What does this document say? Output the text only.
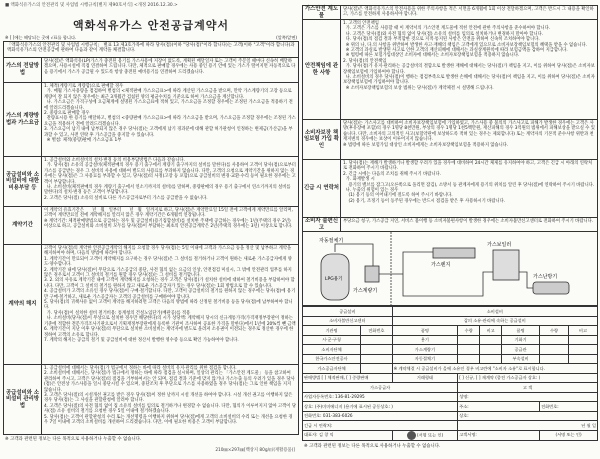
■ 액화석유가스의 안전관리 및 사업법 시행규칙[별지 제90호서식] <개정 2016.12.30.>
액화석유가스 안전공급계약서
※ [ ]에는 해당되는 곳에 √표를 합니다.	(앞쪽/앞면)
「액화석유가스의 안전관리 및 사업법 시행규칙」 별표 13 제3호가목에 따라 당사(점)(이하 "당사(점)"이라 합니다)는 고객(이하 "고객"이라 합니다)과 액화석유가스의 안전공급에 관하여 다음과 같이 계약을 체결합니다.
가스의 전달방법
당사(점)은 액화석유(LP)가스가 충전된 용기를 가스사용에 지장이 없도록, 계획된 배달일자 또는 고객이 주문일 때마다 신속히 배달하겠으며, 사용시설에 직접 연결하여 드립니다. 다만, 체적으로 판매할 경우에는 사용 중인 용기 안에 있는 가스가 떨어지면 자동적으로 다음 용기에서 가스가 공급될 수 있도록 항상 충전된 예비용기를 연결하여 드리겠습니다.
가스의 계량방법과 가스요금
1. 체적(계량기로 계량함)으로 판매할 경우
가. 매월 가스사용량을 점검하여 별첨의 <체적판매 가스요금표>에 따라 계산된 가스요금을 받으며, 만약 가스계량기의 고장 등으로 계량이 잘 되지 않은 경우에는 최근 3개월간 검침된 양의 평균수치를 기준으로 하여 가스요금을 계산합니다.
나. 가스요금은 가격구성에 요금체계에 설명된 가스요금표에 적혀 있고, 가스요금을 조정할 경우에는 조정된 가스요금을 적용하기 전에 알려드리겠습니다.
2. 중량으로 판매할 경우
잔량표시용 한 용기를 배달하고, 별첨의 <중량판매 가스요금표>에 따라 가스요금을 받으며, 가스요금을 조정할 경우에는 조정된 가스요금을 적용하기 전에 알려드리겠습니다.
3. 가스요금이 납기 내에 납부되지 않은 경우 당사(점)는 고객에게 납기 경과분에 대해 관할 허가관청이 인정하는 변제금(가산금)을 부과할 수 있고, 사전 연락 후 가스공급을 중지할 수 있습니다.
※ 별첨: 체적(중량)판매 가스요금표 1부
공급설비와 소비설비에 대한 비용부담 등
1. 공급설비와 소비설비의 설치·변경 등의 비용부담방법은 다음과 같습니다.
가. 당사(점) 소유의 공급설비(체적판매의 경우 용기 출구에서 계량기 출구까지의 설비를 말한다)를 사용하여 고객이 당사(점)으로부터 가스를 공급받는 경우 그 설비의 사용에 대하여 별도의 사용료를 부과하지 않습니다. 다만, 고객의 요청으로 계약기간을 위하지 않는 경우에는 당사(점)은 그 사용료를 부과할 수 있고, 당사(점)의 사정(고장 등 포함)으로 공급설비의 변경·교환·수리 등이 필요한 경우에는 고객이 부담합니다.
나. 소비설비(체적판매의 경우 계량기 출구에서 연소기까지의 설비)를 말하며, 중량판매의 경우 용기 출구에서 연소기까지의 설비를 말한다)의 설치·변경 등은 고객이 부담합니다.
2. 고객은 당사(점) 소유의 설비로 다른 가스공급자로부터 가스를 공급받을 수 없습니다.
계약기간
이 계약의 유효기간은      년   월   일부터      년   월   일까지로 하고, 당사(점)은 계약만료일 15일 전에 고객에게 계약만료를 알리며, 고객이 계약만료일 전에 계약해지를 알리지 않은 경우 계약기간은 6개월씩 연장됩니다.
※ 계약기간: 체적판매방법으로 공급하는 경우 및 공급설비(용기집합설비)를 설치한 주택에 공급하는 경우에는 1년(주택의 경우 2년) 이상으로 하고, 공급설비와 소비설비 모두를 당사(점)이 부담하는 최초의 안전공급계약은 2년(주택의 경우에는 3년) 이상으로 합니다.
계약의 해지
고객이 당사(점)의 계약한 안전공급계약의 해지를 요청할 경우 당사(점)는 5일 이내에 고객과 가스요금 등을 정산 및 납부하고 계약을 해지하여야 하며, 다음의 방법에 따라야 합니다.
1. 계약기간이 만료되어 고객이 계약해지를 요구하는 경우 당사(점)은 그 설비를 철거하거나 고객이 원하는 새로운 가스공급자에게 양도·양수합니다.
2. 계약기간 내에 당사(점)이 무단으로 가스공급의 중단, 사전 협의 없는 요금의 인상, 안전점검 미실시, 그 밖에 안전관리 업무를 하지 않은 경우로서 고객이 그 설비의 철거를 원할 경우 당사(점)는 그 설비를 철거합니다.
3. 2. 외의 사유로 계약기간 내에 고객이 계약해지를 요청하는 경우 고객은 당사(점)가 설치한 설비에 대하여 철거비용을 부담하여야 합니다. 다만, 고객이 그 설비의 철거를 원하지 않고 새로운 가스공급자가 있는 경우 당사(점)는 1회 방법으로 할 수 있습니다.
4. 공급설비가 고객의 소유인 경우 당사(점)이 구매·철거합니다. 다만, 고객이 공급설비의 철거를 원하지 않는 경우에는 당사(점)에 용기만 구매·철거하고, 새로운 가스공급자는 고객의 공급설비를 구매하여야 합니다.
5. 당사(점)의 귀책사유 없이 고객이 계약을 해지하려면 고객은 다음의 방법에 따라 산정된 철거비용 등을 당사(점)에 납부하여야 합니다.
가. 당사(점)이 설치한 설비 철거비용: 통계청의 건설노임단가(배관공)를 적용
나. 소비설비(당사(점)이 무상으로 설치한 경우만 해당한다)의 시가 상당액: 계약해지 당시의 신규계통가격(가격재정부장관이 정하는 기준에 적합한 전문가격조사기관으로서 기획재정부장관에게 등록한 기관이 조사하여 공표한 가격을 말한다)에서 1년에 20%씩 뺀 금액
6. 계약기간이 지난 이후 당사(점)의 무단으로 설치한 소비설비는 계약자에 별도로 올려져 소유권이 이전되는 경우로 정산한 경우에 한정하여 고객의 소유로 합니다.
7. 계약의 해지는 공급의 철거 및 공급설비에 대한 정산서 발행한 영수증 등으로 확인 가능하여야 합니다.
공급설비와 소비설비 관리방법
1. 공급설비에 대해서는 당사(점)가 법규에서 정하는 바에 따라 설비의 유지·관리를 위한 점검을 합니다.
2. 소비설비에 대해서는, 당사(점)가 법규에서 정하는 바에 따라 점검을 실시하며, 일상의 관리는 「가스안전 계도물」 등을 참고하여 관리하여 주시고, 고객은 당사(점)의 점검을 거부하여서는 안 되며, 점검 결과 기준에 맞지 않거나 가스누출 등의 우려가 있을 경우 당사(점)은 안전상 가스사용을 일시 중단시킬 수 있으며, 중단조치 후 무단으로 가스를 사용하였을 경우 당사(점)는 그로 인한 책임을 지지 않습니다.
3. 고객은 당사(점)의 시설개선 권고를 받은 경우 당사(점)이 정한 날까지 시설 개선을 하여야 합니다. 시설 개선 권고를 이행하지 않은 경우 당사(점)는 그 사실을 관할관청에 알려야 합니다.
4. 고객은 당사(점)의 사전 협의 없이 집 소유의 설비를 임의로 철거하거나 변경할 수 없습니다. 다만, 협의가 이루어지지 않아 고객이 당사(점) 소유 설비의 철거를 요청한 경우 5일 이내에 철거하겠습니다.
5. 당사(점)는 고객이 관할관청의 수리 또는 개선명령을 이행하지 위하여 당사(점)에게 고객의 소비설비의 수리 또는 개선을 요청한 경우 7일 이내에 고객의 소비설비를 개선하여 드리겠습니다. 다만, 이에 필요한 비용은 고객이 부담합니다.
※ 고객과 관련된 정보는 다른 목적으로 사용하거나 누출할 수 없습니다.
210㎜×297㎜[백상지 80g/㎡(재활용품)]
가스안전 계도물
당사(점)은 액화석유가스의 안전사용을 위한 주의사항을 적은 서면을 6개월에 1회 이상 전달하겠으며, 고객은 반드시 그 내용을 확인하고, 가스를 안전하게 사용하셔야 합니다.
안전책임에 관한 사항
1. 고객의 안전책임
가. 고객은 가스를 사용할 때 이 계약서의 가스안전 계도물에 적힌 안전에 관한 주의사항을 준수하여야 합니다.
나. 고객은 당사(점)와 사전 협의 없이 당사(점) 소유의 설비를 임의로 설치하거나 변경하지 말아야 합니다.
다. 당사(점)의 점검 결과 부적합한 것으로 지적·통지된 사항은 안전을 위하여 신속히 조치하여야 합니다.
※ 위의 나, 다.의 사항을 위반하여 발생한 사고·재해의 책임은 고객에게 있으므로 소비자보장책임보험의 혜택을 받을 수 없습니다.
※ 고객의 과실로 발생된 사고로 인한 고객의 재산피해에 대해서는 과실상계원칙에 따라 보험금액을 감하여 지급합니다.
※ 법령에 따른 보험가입대상인 소비자에 대해서는 소비자보장책임보험을 적용하지 않습니다.
2. 당사(점)의 안전책임
가. 당사(점)가 유지·관리하는 공급설비의 결함으로 발생한 재해에 대해서는 당사(점)가 책임을 지고, 이를 위하여 당사(점)은 소비자보장책임보험에 가입하여야 합니다.
나. 소비설비의 경우 당사(점)이 행하는 점검부족으로 발생한 손해에 대해서는 당사(점)이 책임을 지고, 이를 위하여 당사(점)은 소비자보장책임보험에 가입하여야 합니다.
※ 소비자보장책임보험의 보상 범위는 당사(점)가 계약체결 시 설명해 드립니다.
소비자보장 책임보험 가입 확인
당사(점)는 가스사고를 대비하여 소비자보장책임보험에 가입하였고, 가스사용 중 불의의 가스사고로 피해가 발생한 경우에는 고객은 사망(후유장애 포함)의 경우 1명당 8천만원, 부상의 경우 1명당 1천5백만원, 재산피해의 경우 3억원의 범위에서 피해보상을 받으실 수 있습니다. 다만, 소비자의 고의적인 사고(보험약관에 보상하도록 적혀 있는 경우는 제외합니다) 또는 계약자의 기본적 준수사항 위반과 천재지변의 경우에는 보상이 이루어지지 않습니다.
※ 법령에 따른 보험가입 대상인 소비자에게는 소비자보장책임보험을 적용하지 않습니다.
긴급 시 연락처
1. 당사(점)는 재해가 발생하거나 발생할 우려가 있을 경우에 대비하여 24시간 체제를 유지하여야 하고, 고객은 긴급 시 아래의 연락처로 전화하여 주시기 바랍니다.
2. 긴급 시에는 다음의 조치를 취해 주시기 바랍니다.
가. 화재발생 시
용기의 밸브를 잠그고(오른쪽으로 돌리면 잠김), 소방서 등 관계자에게 용기의 위치를 알린 후 당사(점)에 연락하여 주시기 바랍니다.
나. 누출의 위험이 있는 경우
(1) 용기 등의 이어내기에 절도록 하여 주시기 바랍니다.
(2) 용기, 조정기 등이 동주된 경우에는 반드시 점검을 받은 후 사용하시기 바랍니다.
소비자 불편신고
부당요금 청구, 가스공급 지연, 서비스 불이행 등 소비자불편사항이 발생한 경우에는 소비자불만신고센터로 전화하여 주시기 바랍니다.
자동절체기
LPG용기
가스계량기
가스렌지
가스보일러
가스난방기
공급설비		소비설비					
소비자불만신고센터		갑의 소유·관리에 속하는 공급설비					
기관명	전화번호	품명	수량	비고	품명	수량	비고
시·군·구청		용기			기화기		
소비자단체		가스계량기			공급관		
한국가스안전공사		자동절체기			부속설비		
가스공급자단체		※ 계약체결 시 공급설비가 을에 소유인 경우 비고란에 "소비자 소유"로 표시합니다.					
판매방법 [ ] 체적판매, [ ] 중량판매		거래형태	[ ] 신규, [ ] 재계약 (종전 가스공급자 상호: )				
가스공급자			고 객				
사업자등록번호: 136-81-29295			성명:				
상호: (주)미미에너지 (용기에 표시된 공동상호: )			주소:			전화번호:	
전화번호: 031-383-6026			상호:				
긴급 시 연락처:			년 월 일				
대표자: 김 창 익		(서명 또는 인)	고객서명:			(서명 또는 인)	
※ 고객과 관련된 정보는 다른 목적으로 사용하거나 누출할 수 없습니다.
